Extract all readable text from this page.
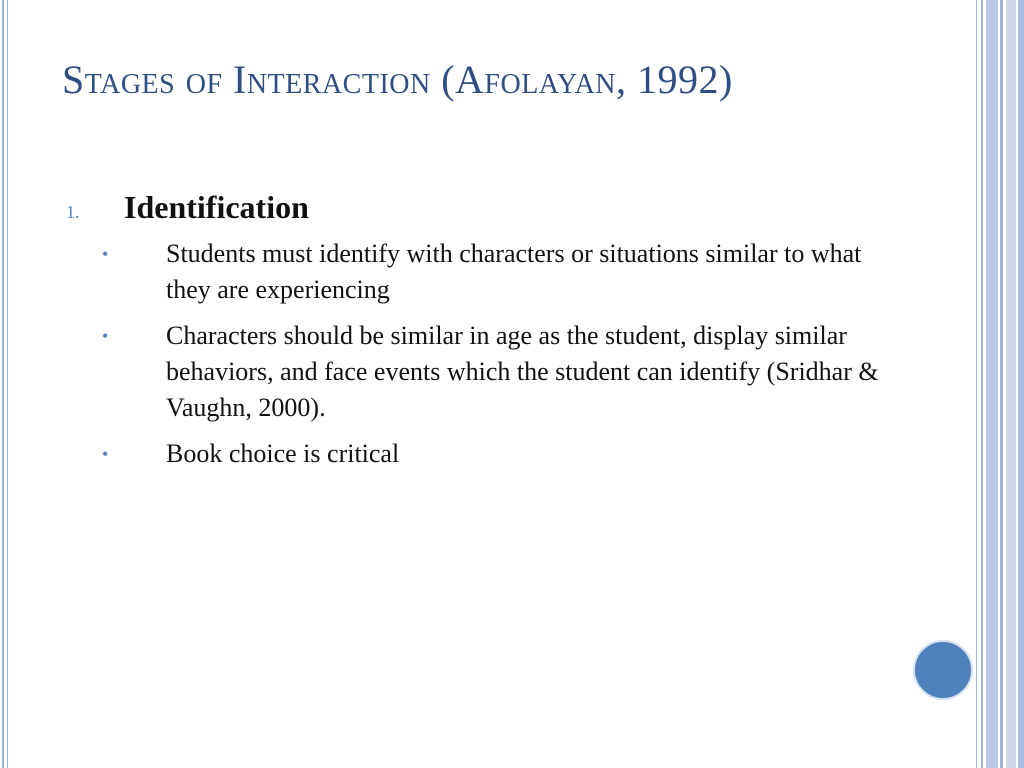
Stages of Interaction (Afolayan, 1992)
1.	Identification
•	Students must identify with characters or situations similar to what they are experiencing
•	Characters should be similar in age as the student, display similar behaviors, and face events which the student can identify (Sridhar & Vaughn, 2000).
•	Book choice is critical
